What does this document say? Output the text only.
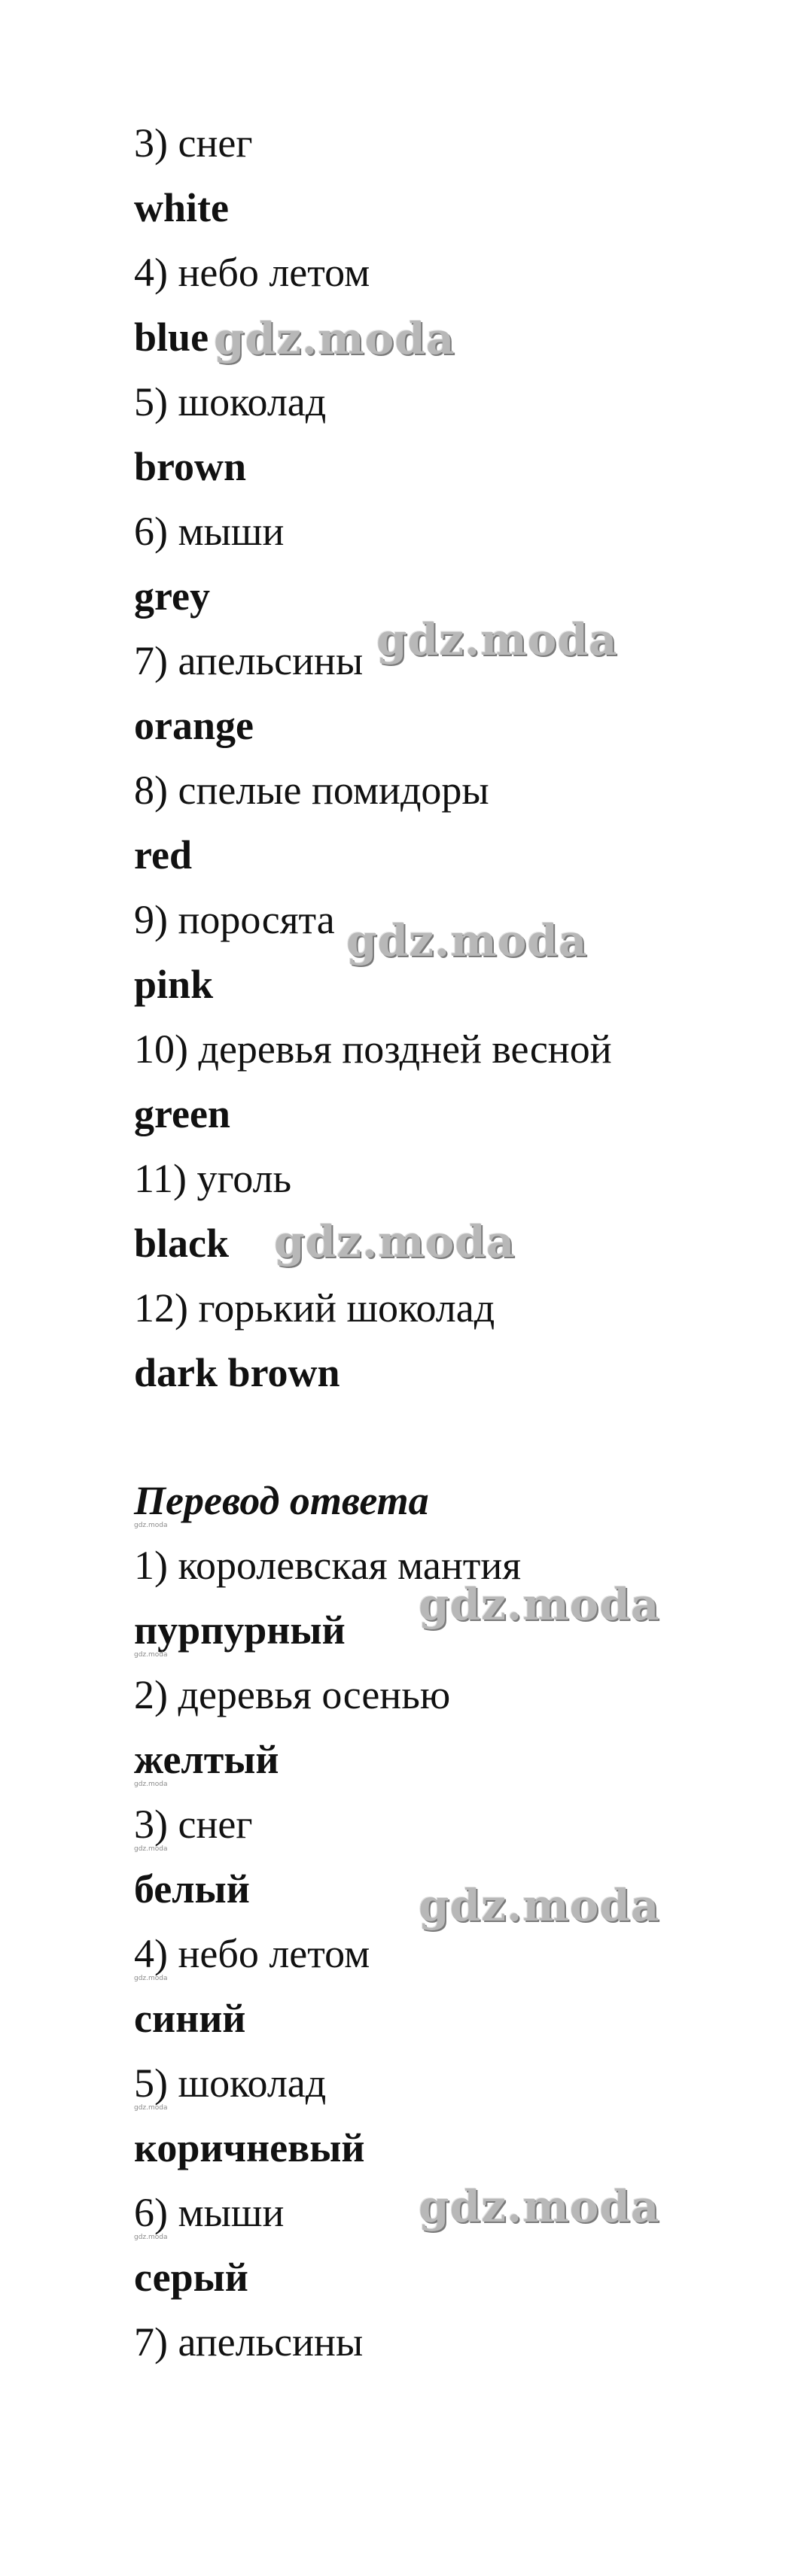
3) снег
white
4) небо летом
blue
5) шоколад
brown
6) мыши
grey
7) апельсины
orange
8) спелые помидоры
red
9) поросята
pink
10) деревья поздней весной
green
11) уголь
black
12) горький шоколад
dark brown
Перевод ответа
gdz.moda
1) королевская мантия
пурпурный
gdz.moda
2) деревья осенью
желтый
gdz.moda
3) снег
gdz.moda
белый
4) небо летом
gdz.moda
синий
5) шоколад
gdz.moda
коричневый
6) мыши
gdz.moda
серый
7) апельсины
gdz.moda
gdz.moda
gdz.moda
gdz.moda
gdz.moda
gdz.moda
gdz.moda
